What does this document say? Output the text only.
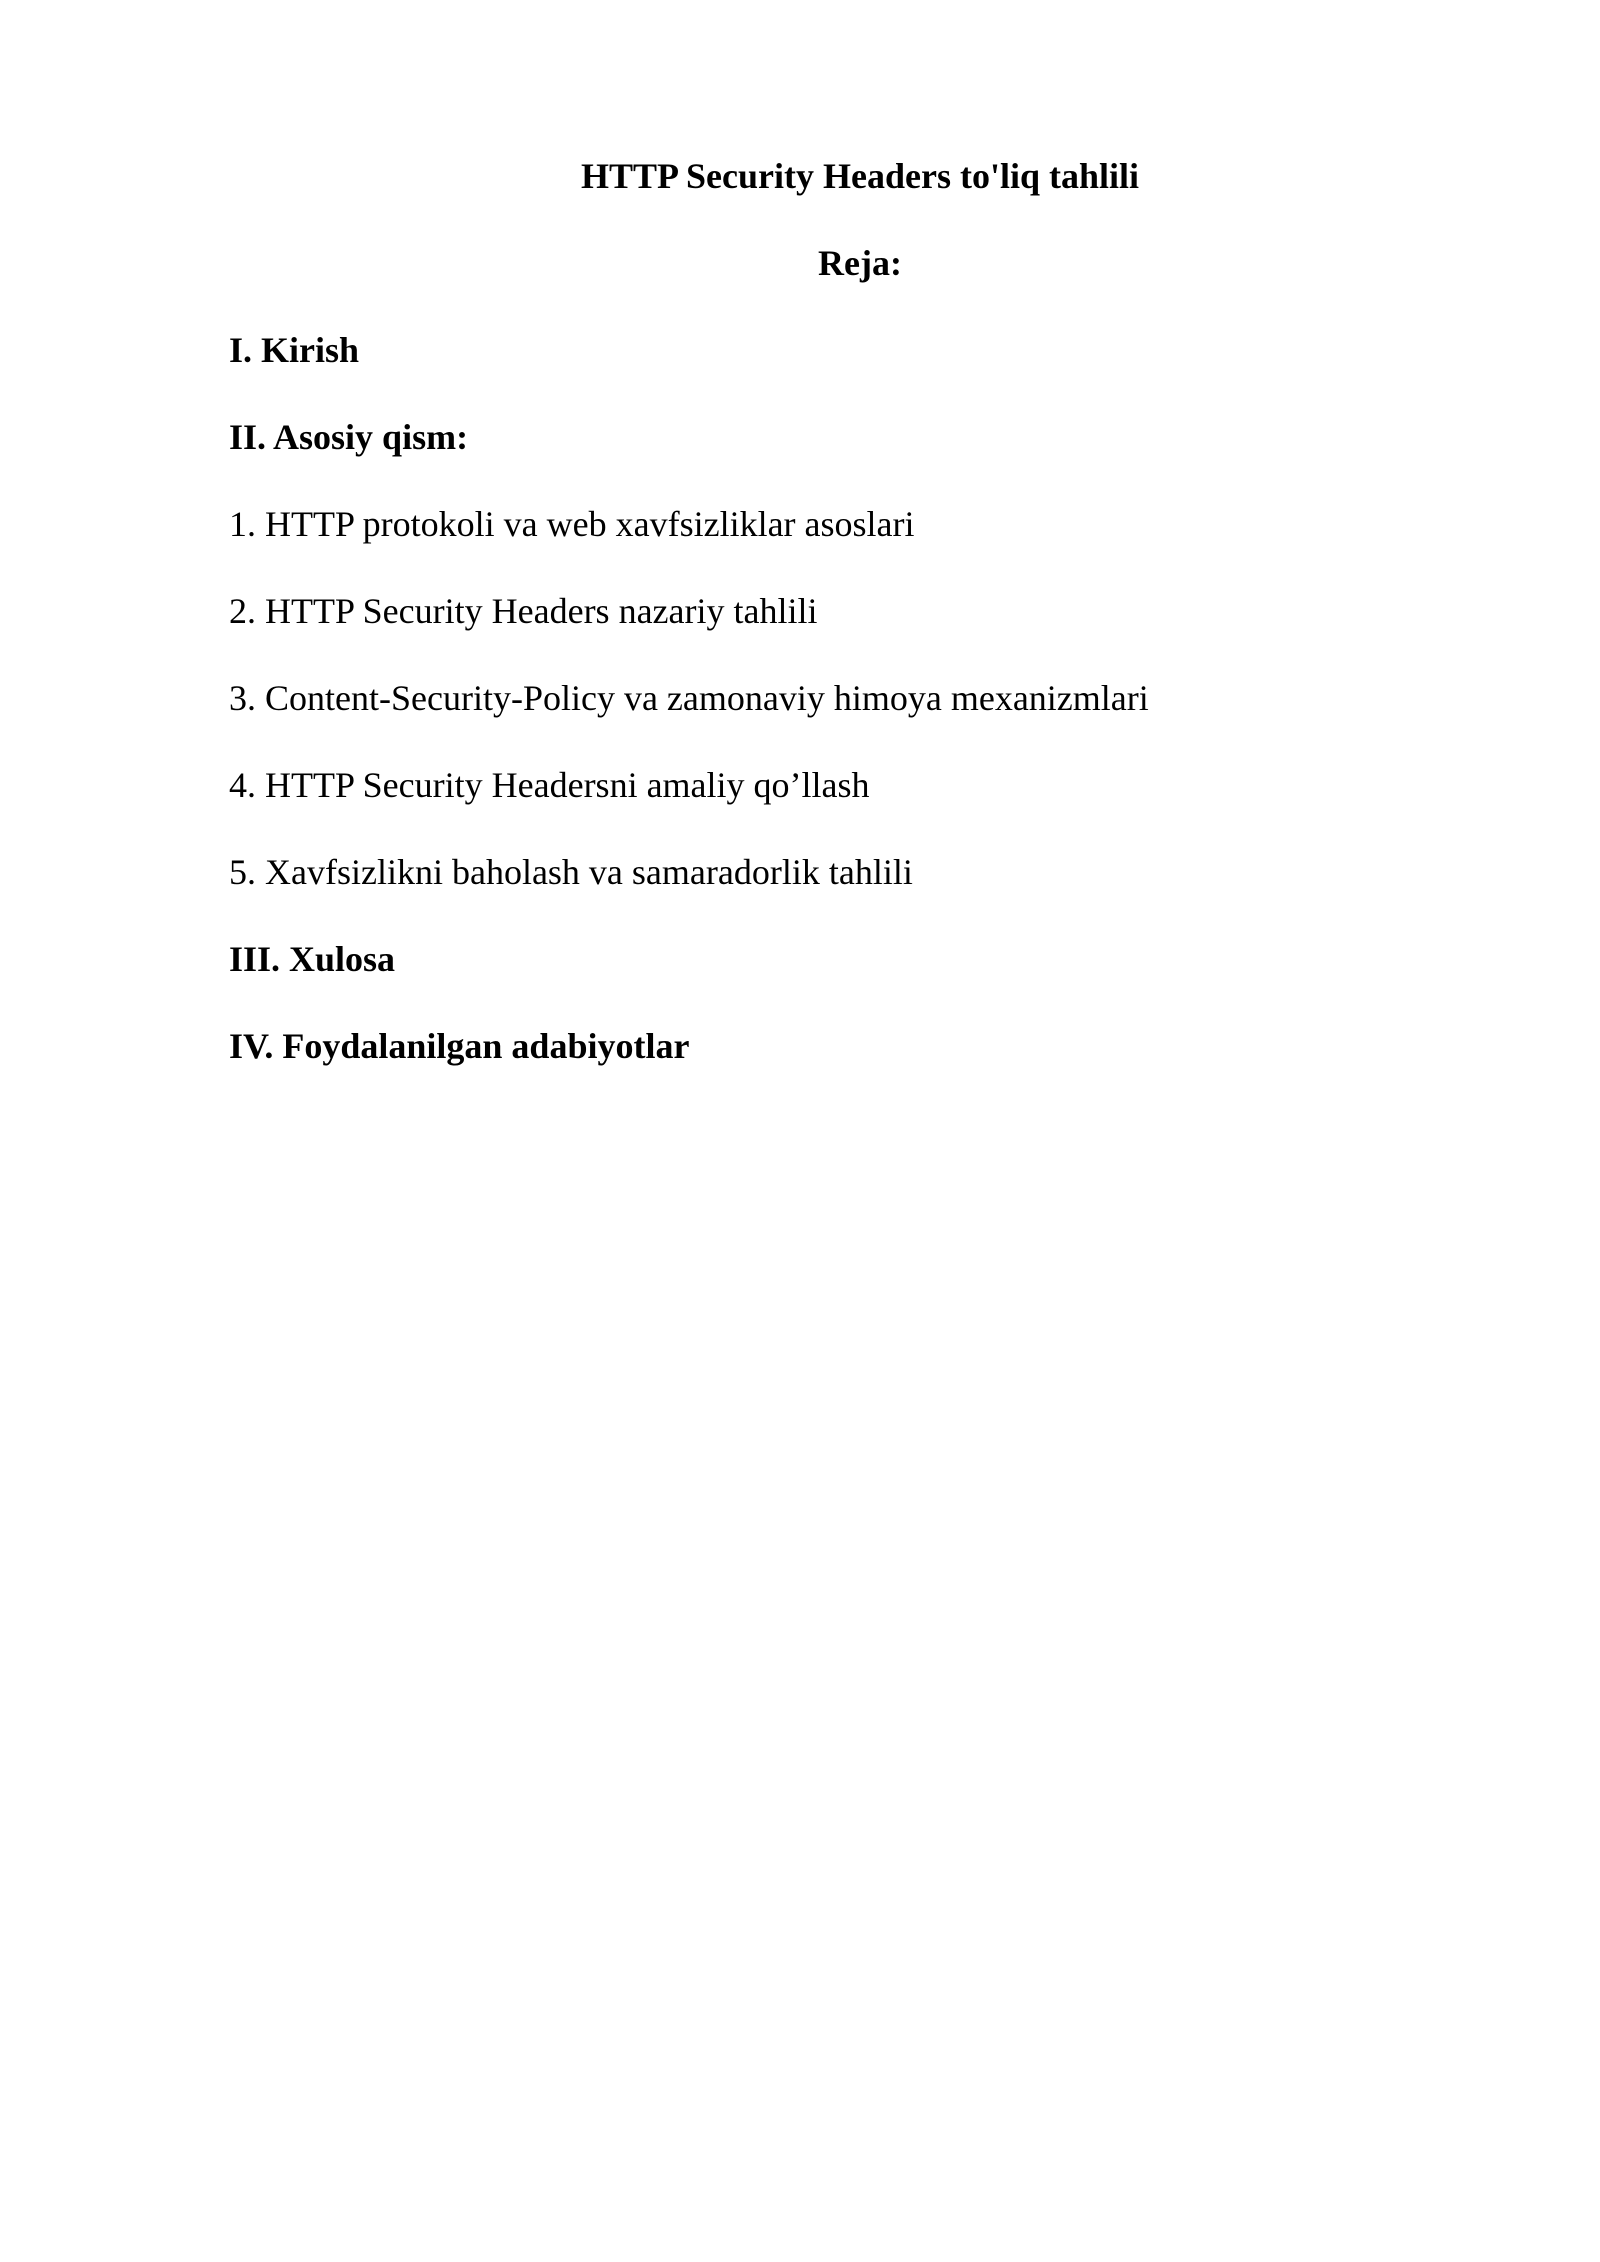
HTTP Security Headers to'liq tahlili
Reja:

I. Kirish

II. Asosiy qism:

1. HTTP protokoli va web xavfsizliklar asoslari

2. HTTP Security Headers nazariy tahlili

3. Content-Security-Policy va zamonaviy himoya mexanizmlari

4. HTTP Security Headersni amaliy qo’llash

5. Xavfsizlikni baholash va samaradorlik tahlili

III. Xulosa

IV. Foydalanilgan adabiyotlar
